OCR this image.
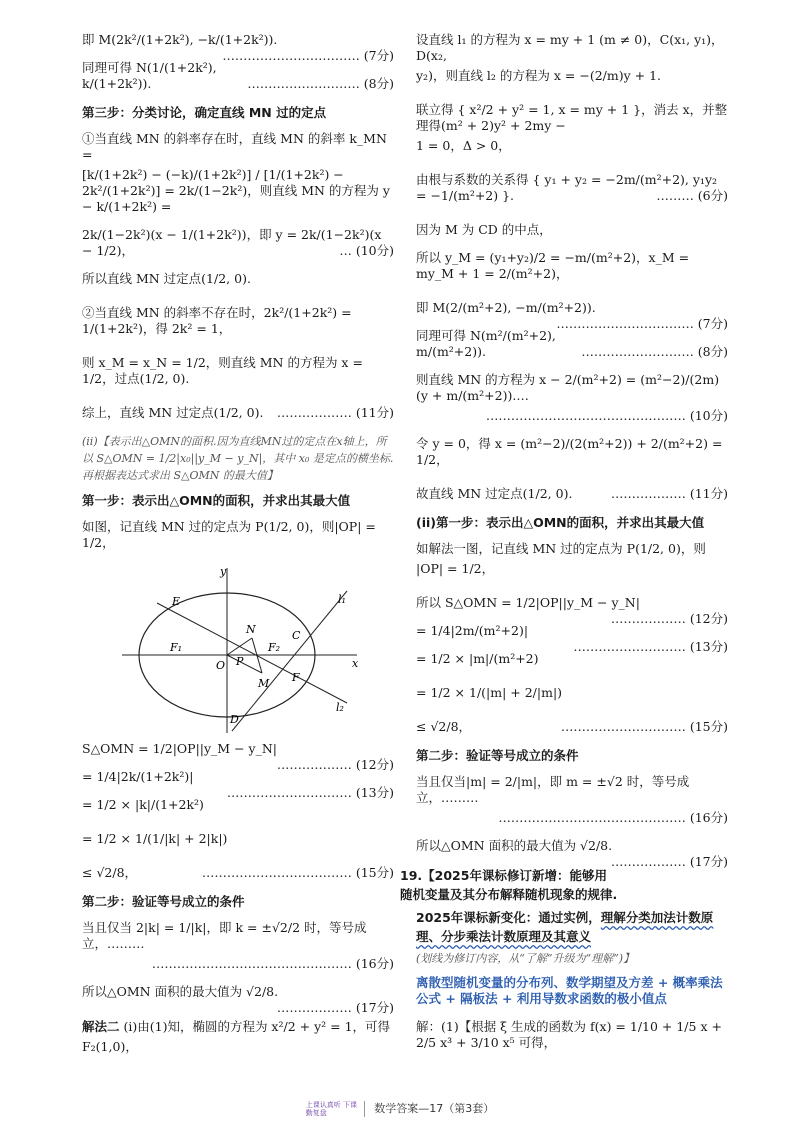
即 M(2k²/(1+2k²), −k/(1+2k²)).
…………………………… (7分)

同理可得 N(1/(1+2k²), k/(1+2k²)).	……………………… (8分)

第三步：分类讨论，确定直线 MN 过的定点

①当直线 MN 的斜率存在时，直线 MN 的斜率 k_MN =

[k/(1+2k²) − (−k)/(1+2k²)] / [1/(1+2k²) − 2k²/(1+2k²)] = 2k/(1−2k²)，则直线 MN 的方程为 y − k/(1+2k²) =

2k/(1−2k²)(x − 1/(1+2k²))，即 y = 2k/(1−2k²)(x − 1/2)，	… (10分)

所以直线 MN 过定点(1/2, 0).

②当直线 MN 的斜率不存在时，2k²/(1+2k²) = 1/(1+2k²)，得 2k² = 1，

则 x_M = x_N = 1/2，则直线 MN 的方程为 x = 1/2，过点(1/2, 0).

综上，直线 MN 过定点(1/2, 0). ……………… (11分)

(ii)【表示出△OMN的面积.因为直线MN过的定点在x轴上，所以 S△OMN = 1/2|x₀||y_M − y_N|，其中 x₀ 是定点的横坐标.再根据表达式求出 S△OMN 的最大值】

第一步：表示出△OMN的面积，并求出其最大值

如图，记直线 MN 过的定点为 P(1/2, 0)，则|OP| = 1/2，

y
x
O
E
N
P
M
F₁	F₂
C
F
D
l₁
l₂

S△OMN = 1/2|OP||y_M − y_N|
……………… (12分)

= 1/4|2k/(1+2k²)|
………………………… (13分)

= 1/2 × |k|/(1+2k²)

= 1/2 × 1/(1/|k| + 2|k|)

≤ √2/8，	……………………………… (15分)

第二步：验证等号成立的条件

当且仅当 2|k| = 1/|k|，即 k = ±√2/2 时，等号成立，………

………………………………………… (16分)

所以△OMN 面积的最大值为 √2/8.
……………… (17分)

解法二 (i)由(1)知，椭圆的方程为 x²/2 + y² = 1，可得

F₂(1,0)，

设直线 l₁ 的方程为 x = my + 1 (m ≠ 0)，C(x₁, y₁)，D(x₂,

y₂)，则直线 l₂ 的方程为 x = −(2/m)y + 1.

联立得 { x²/2 + y² = 1, x = my + 1 }，消去 x，并整理得(m² + 2)y² + 2my −

1 = 0，Δ > 0，

由根与系数的关系得 { y₁ + y₂ = −2m/(m²+2), y₁y₂ = −1/(m²+2) }.	……… (6分)

因为 M 为 CD 的中点，

所以 y_M = (y₁+y₂)/2 = −m/(m²+2)，x_M = my_M + 1 = 2/(m²+2)，

即 M(2/(m²+2), −m/(m²+2)).
…………………………… (7分)

同理可得 N(m²/(m²+2), m/(m²+2)).	……………………… (8分)

则直线 MN 的方程为 x − 2/(m²+2) = (m²−2)/(2m)(y + m/(m²+2)).…

………………………………………… (10分)

令 y = 0，得 x = (m²−2)/(2(m²+2)) + 2/(m²+2) = 1/2，

故直线 MN 过定点(1/2, 0).	……………… (11分)

(ii)第一步：表示出△OMN的面积，并求出其最大值

如解法一图，记直线 MN 过的定点为 P(1/2, 0)，则

|OP| = 1/2，

所以 S△OMN = 1/2|OP||y_M − y_N|
……………… (12分)

= 1/4|2m/(m²+2)|
……………………… (13分)

= 1/2 × |m|/(m²+2)

= 1/2 × 1/(|m| + 2/|m|)

≤ √2/8，	………………………… (15分)

第二步：验证等号成立的条件

当且仅当|m| = 2/|m|，即 m = ±√2 时，等号成立，………

……………………………………… (16分)

所以△OMN 面积的最大值为 √2/8.
……………… (17分)

19.【2025年课标修订新增：能够用随机变量及其分布解释随机现象的规律.

2025年课标新变化：通过实例，理解分类加法计数原理、分步乘法计数原理及其意义

(划线为修订内容，从“了解”升级为“理解”)】

离散型随机变量的分布列、数学期望及方差 + 概率乘法公式 + 隔板法 + 利用导数求函数的极小值点

解：(1)【根据 ξ 生成的函数为 f(x) = 1/10 + 1/5 x + 2/5 x³ + 3/10 x⁵ 可得，

上课认真听 下课勤复盘	数学答案—17（第3套）
